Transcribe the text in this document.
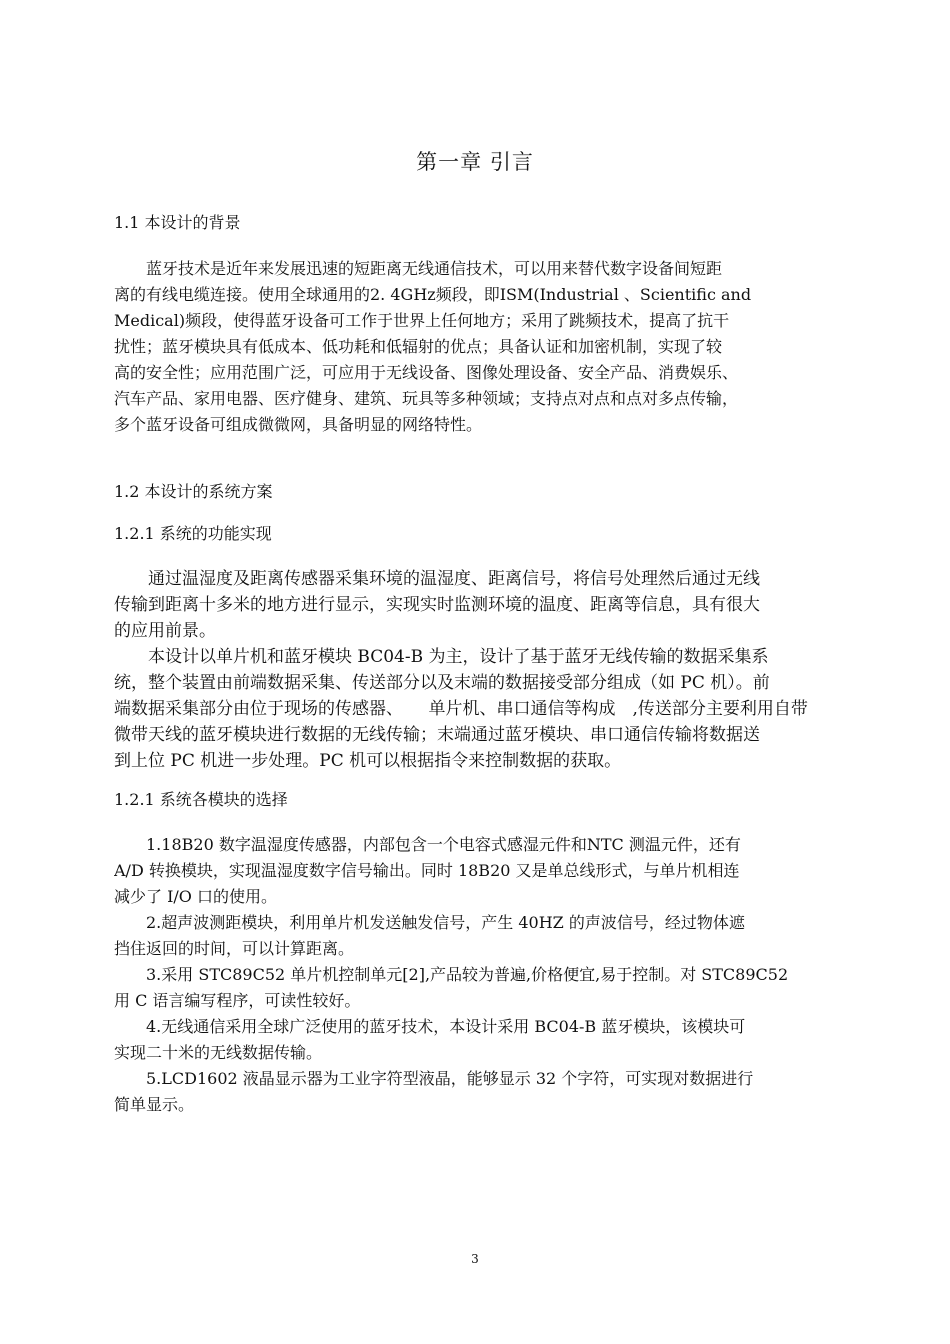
第一章 引言
1.1 本设计的背景
　　蓝牙技术是近年来发展迅速的短距离无线通信技术，可以用来替代数字设备间短距
离的有线电缆连接。使用全球通用的2. 4GHz频段，即ISM(Industrial 、Scientific and
Medical)频段，使得蓝牙设备可工作于世界上任何地方；采用了跳频技术，提高了抗干
扰性；蓝牙模块具有低成本、低功耗和低辐射的优点；具备认证和加密机制，实现了较
高的安全性；应用范围广泛，可应用于无线设备、图像处理设备、安全产品、消费娱乐、
汽车产品、家用电器、医疗健身、建筑、玩具等多种领域；支持点对点和点对多点传输，
多个蓝牙设备可组成微微网，具备明显的网络特性。
1.2 本设计的系统方案
1.2.1 系统的功能实现
　　通过温湿度及距离传感器采集环境的温湿度、距离信号，将信号处理然后通过无线
传输到距离十多米的地方进行显示，实现实时监测环境的温度、距离等信息，具有很大
的应用前景。
　　本设计以单片机和蓝牙模块 BC04-B 为主，设计了基于蓝牙无线传输的数据采集系
统，整个装置由前端数据采集、传送部分以及末端的数据接受部分组成（如 PC 机）。前
端数据采集部分由位于现场的传感器、　　单片机、串口通信等构成　,传送部分主要利用自带
微带天线的蓝牙模块进行数据的无线传输；末端通过蓝牙模块、串口通信传输将数据送
到上位 PC 机进一步处理。PC 机可以根据指令来控制数据的获取。
1.2.1 系统各模块的选择
　　1.18B20 数字温湿度传感器，内部包含一个电容式感湿元件和NTC 测温元件，还有
A/D 转换模块，实现温湿度数字信号输出。同时 18B20 又是单总线形式，与单片机相连
减少了 I/O 口的使用。
　　2.超声波测距模块，利用单片机发送触发信号，产生 40HZ 的声波信号，经过物体遮
挡住返回的时间，可以计算距离。
　　3.采用 STC89C52 单片机控制单元[2],产品较为普遍,价格便宜,易于控制。对 STC89C52
用 C 语言编写程序，可读性较好。
　　4.无线通信采用全球广泛使用的蓝牙技术，本设计采用 BC04-B 蓝牙模块，该模块可
实现二十米的无线数据传输。
　　5.LCD1602 液晶显示器为工业字符型液晶，能够显示 32 个字符，可实现对数据进行
简单显示。
3
